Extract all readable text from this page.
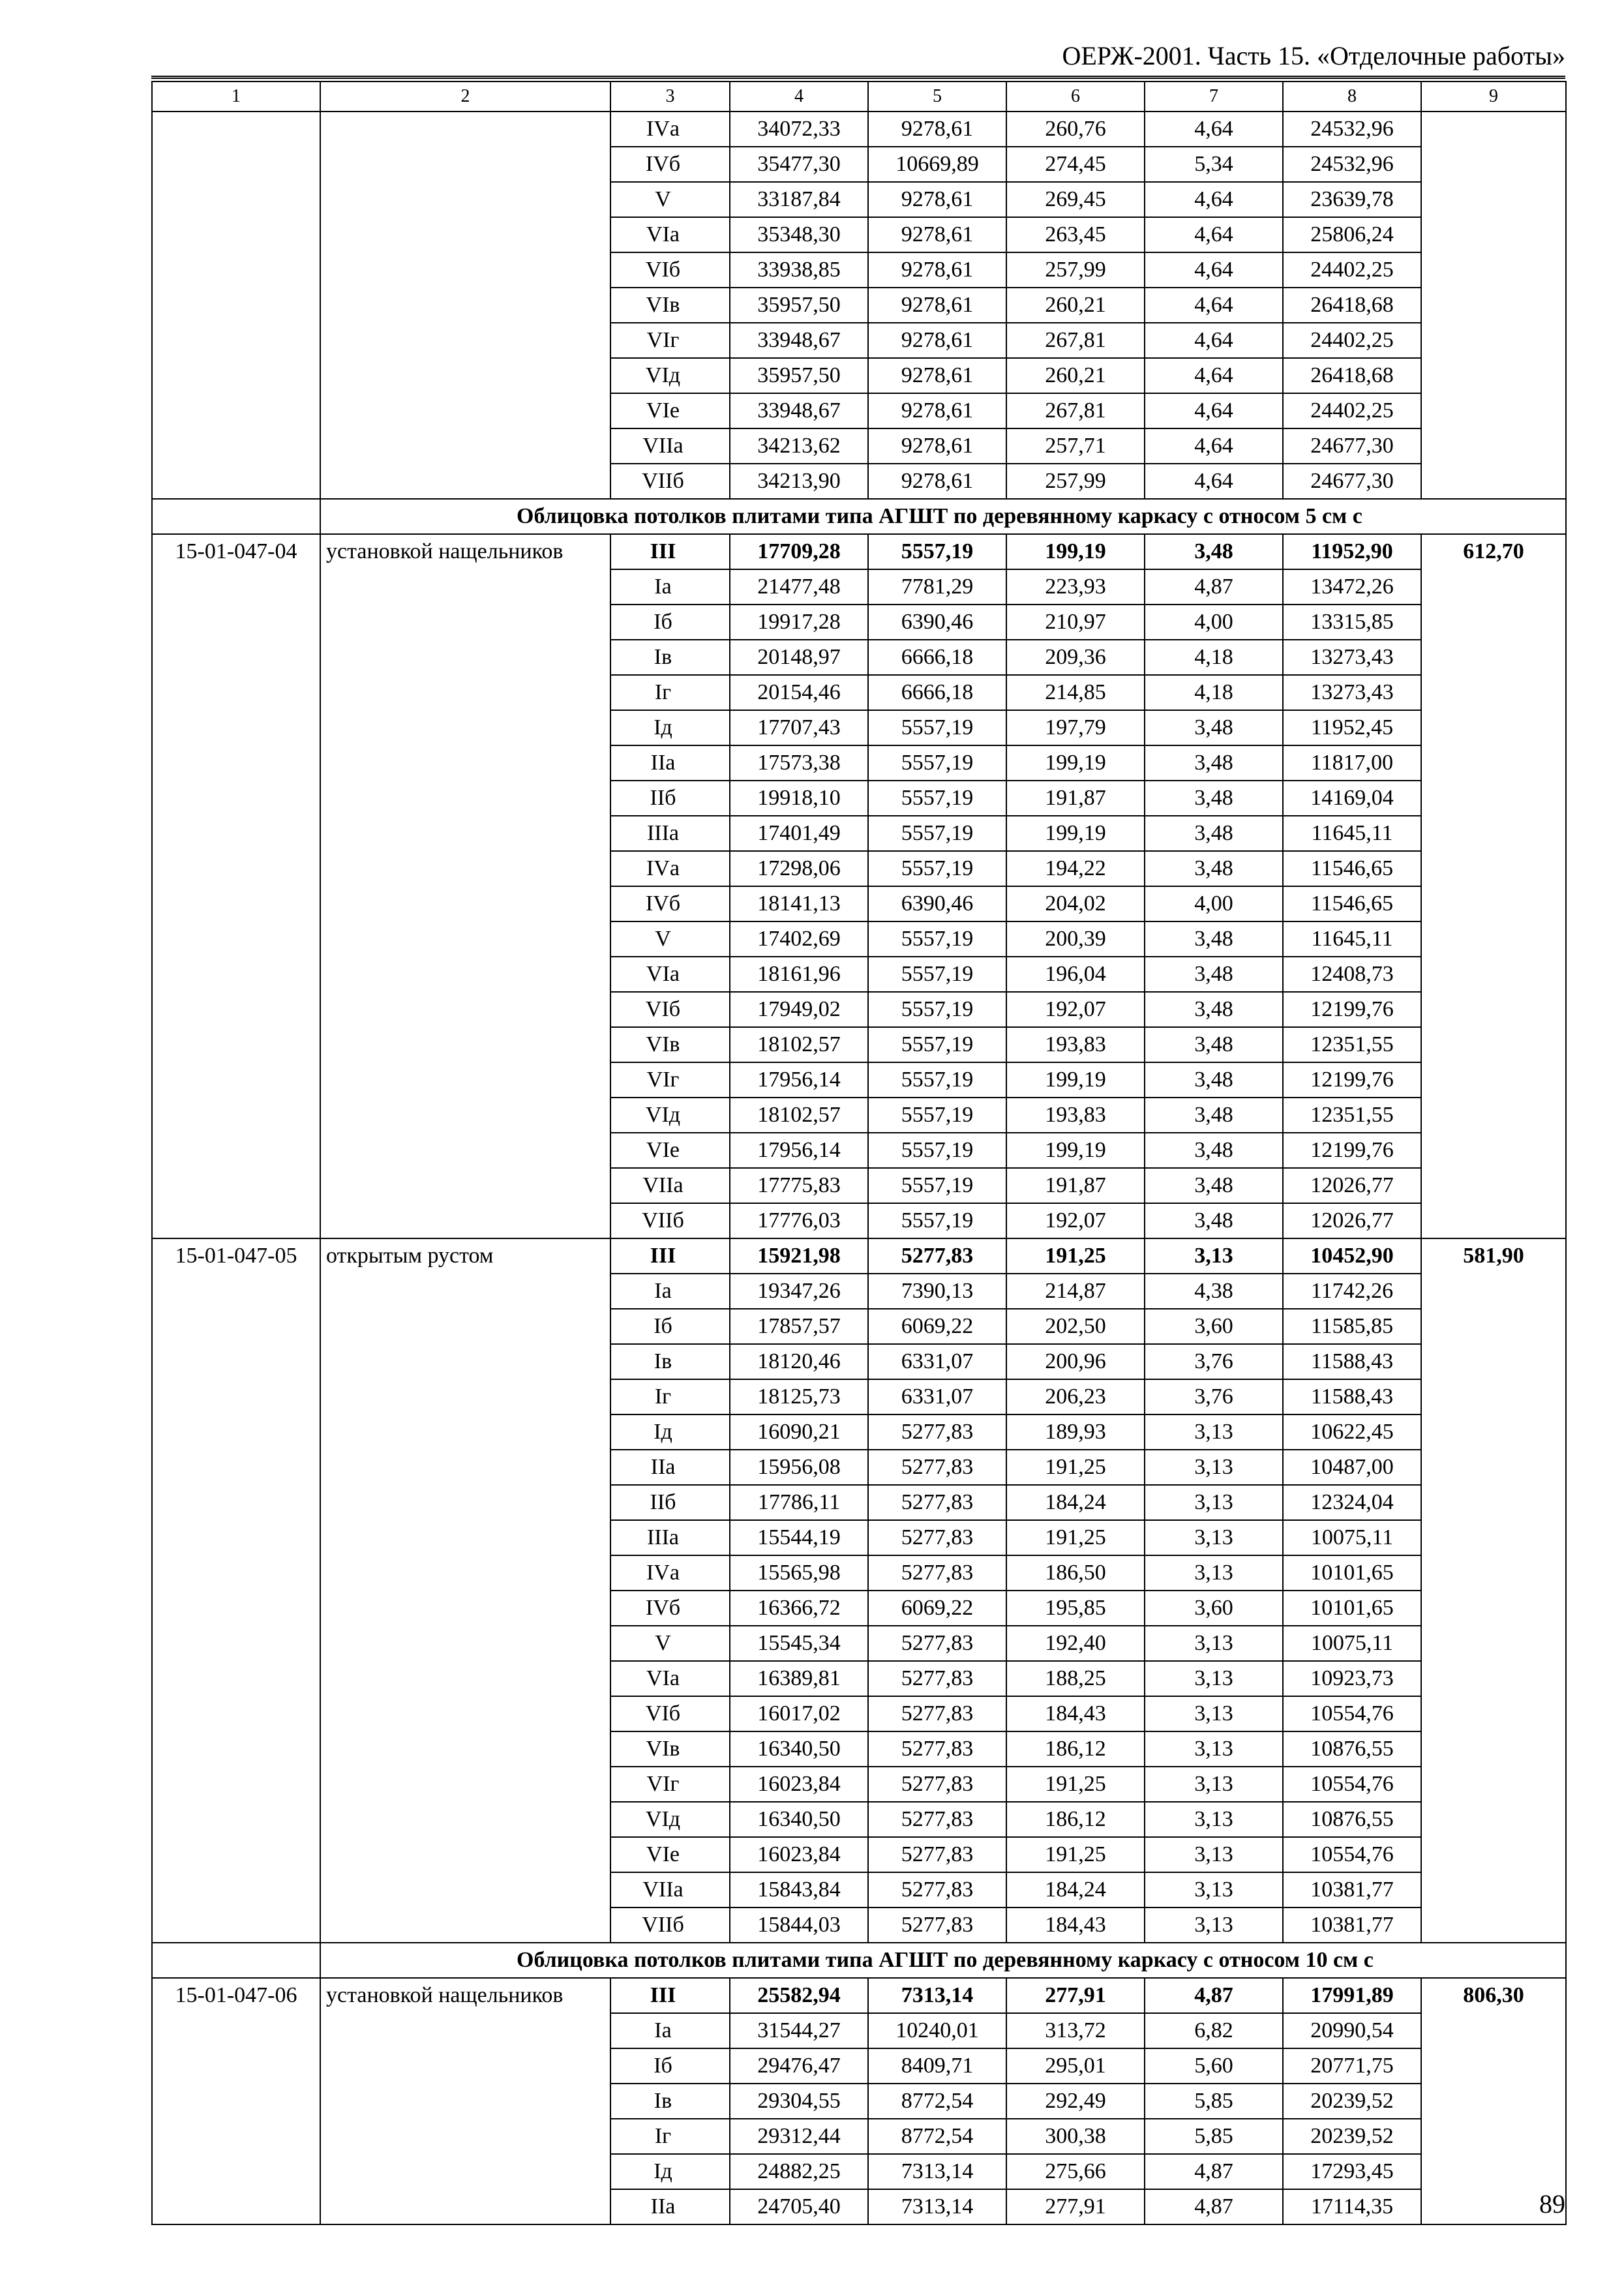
ОЕРЖ-2001. Часть 15. «Отделочные работы»
1	2	3	4	5	6	7	8	9
		IVа	34072,33	9278,61	260,76	4,64	24532,96	
		IVб	35477,30	10669,89	274,45	5,34	24532,96	
		V	33187,84	9278,61	269,45	4,64	23639,78	
		VIа	35348,30	9278,61	263,45	4,64	25806,24	
		VIб	33938,85	9278,61	257,99	4,64	24402,25	
		VIв	35957,50	9278,61	260,21	4,64	26418,68	
		VIг	33948,67	9278,61	267,81	4,64	24402,25	
		VIд	35957,50	9278,61	260,21	4,64	26418,68	
		VIе	33948,67	9278,61	267,81	4,64	24402,25	
		VIIа	34213,62	9278,61	257,71	4,64	24677,30	
		VIIб	34213,90	9278,61	257,99	4,64	24677,30	
	Облицовка потолков плитами типа АГШТ по деревянному каркасу с относом 5 см с							
15-01-047-04	установкой нащельников	III	17709,28	5557,19	199,19	3,48	11952,90	612,70
		Iа	21477,48	7781,29	223,93	4,87	13472,26	
		Iб	19917,28	6390,46	210,97	4,00	13315,85	
		Iв	20148,97	6666,18	209,36	4,18	13273,43	
		Iг	20154,46	6666,18	214,85	4,18	13273,43	
		Iд	17707,43	5557,19	197,79	3,48	11952,45	
		IIа	17573,38	5557,19	199,19	3,48	11817,00	
		IIб	19918,10	5557,19	191,87	3,48	14169,04	
		IIIа	17401,49	5557,19	199,19	3,48	11645,11	
		IVа	17298,06	5557,19	194,22	3,48	11546,65	
		IVб	18141,13	6390,46	204,02	4,00	11546,65	
		V	17402,69	5557,19	200,39	3,48	11645,11	
		VIа	18161,96	5557,19	196,04	3,48	12408,73	
		VIб	17949,02	5557,19	192,07	3,48	12199,76	
		VIв	18102,57	5557,19	193,83	3,48	12351,55	
		VIг	17956,14	5557,19	199,19	3,48	12199,76	
		VIд	18102,57	5557,19	193,83	3,48	12351,55	
		VIе	17956,14	5557,19	199,19	3,48	12199,76	
		VIIа	17775,83	5557,19	191,87	3,48	12026,77	
		VIIб	17776,03	5557,19	192,07	3,48	12026,77	
15-01-047-05	открытым рустом	III	15921,98	5277,83	191,25	3,13	10452,90	581,90
		Iа	19347,26	7390,13	214,87	4,38	11742,26	
		Iб	17857,57	6069,22	202,50	3,60	11585,85	
		Iв	18120,46	6331,07	200,96	3,76	11588,43	
		Iг	18125,73	6331,07	206,23	3,76	11588,43	
		Iд	16090,21	5277,83	189,93	3,13	10622,45	
		IIа	15956,08	5277,83	191,25	3,13	10487,00	
		IIб	17786,11	5277,83	184,24	3,13	12324,04	
		IIIа	15544,19	5277,83	191,25	3,13	10075,11	
		IVа	15565,98	5277,83	186,50	3,13	10101,65	
		IVб	16366,72	6069,22	195,85	3,60	10101,65	
		V	15545,34	5277,83	192,40	3,13	10075,11	
		VIа	16389,81	5277,83	188,25	3,13	10923,73	
		VIб	16017,02	5277,83	184,43	3,13	10554,76	
		VIв	16340,50	5277,83	186,12	3,13	10876,55	
		VIг	16023,84	5277,83	191,25	3,13	10554,76	
		VIд	16340,50	5277,83	186,12	3,13	10876,55	
		VIе	16023,84	5277,83	191,25	3,13	10554,76	
		VIIа	15843,84	5277,83	184,24	3,13	10381,77	
		VIIб	15844,03	5277,83	184,43	3,13	10381,77	
	Облицовка потолков плитами типа АГШТ по деревянному каркасу с относом 10 см с							
15-01-047-06	установкой нащельников	III	25582,94	7313,14	277,91	4,87	17991,89	806,30
		Iа	31544,27	10240,01	313,72	6,82	20990,54	
		Iб	29476,47	8409,71	295,01	5,60	20771,75	
		Iв	29304,55	8772,54	292,49	5,85	20239,52	
		Iг	29312,44	8772,54	300,38	5,85	20239,52	
		Iд	24882,25	7313,14	275,66	4,87	17293,45	
		IIа	24705,40	7313,14	277,91	4,87	17114,35		89
